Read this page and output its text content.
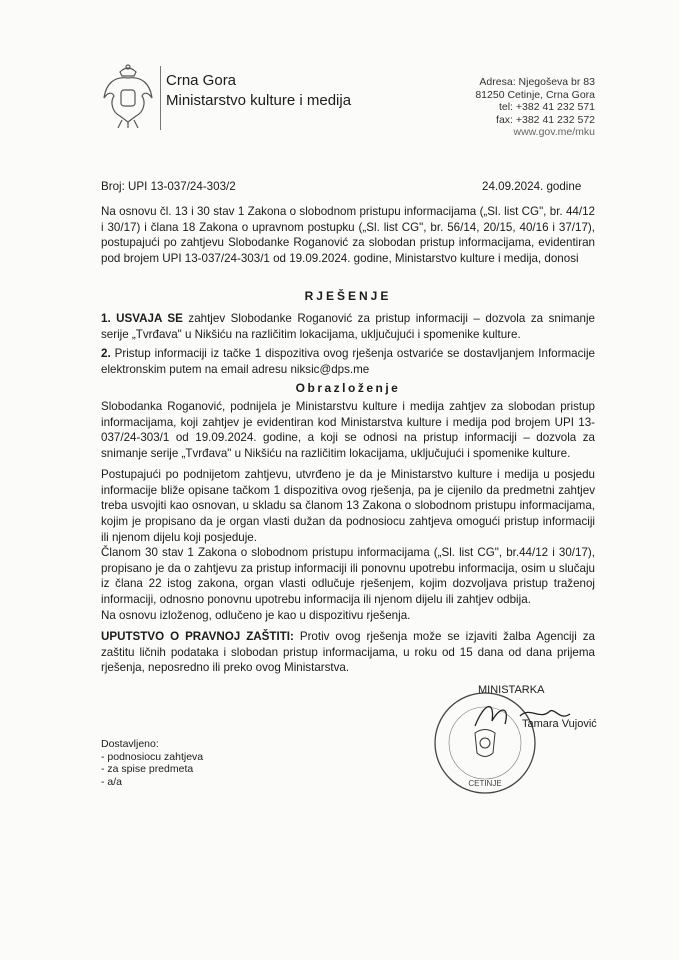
Crna Gora
Ministarstvo kulture i medija
Adresa: Njegoševa br 83
81250 Cetinje, Crna Gora
tel: +382 41 232 571
fax: +382 41 232 572
www.gov.me/mku
Broj: UPI 13-037/24-303/2	24.09.2024. godine
Na osnovu čl. 13 i 30 stav 1 Zakona o slobodnom pristupu informacijama („Sl. list CG", br. 44/12 i 30/17) i člana 18 Zakona o upravnom postupku („Sl. list CG", br. 56/14, 20/15, 40/16 i 37/17), postupajući po zahtjevu Slobodanke Roganović za slobodan pristup informacijama, evidentiran pod brojem UPI 13-037/24-303/1 od 19.09.2024. godine, Ministarstvo kulture i medija, donosi
RJEŠENJE
1. USVAJA SE zahtjev Slobodanke Roganović za pristup informaciji – dozvola za snimanje serije „Tvrđava" u Nikšiću na različitim lokacijama, uključujući i spomenike kulture.
2. Pristup informaciji iz tačke 1 dispozitiva ovog rješenja ostvariće se dostavljanjem Informacije elektronskim putem na email adresu niksic@dps.me
Obrazloženje
Slobodanka Roganović, podnijela je Ministarstvu kulture i medija zahtjev za slobodan pristup informacijama, koji zahtjev je evidentiran kod Ministarstva kulture i medija pod brojem UPI 13-037/24-303/1 od 19.09.2024. godine, a koji se odnosi na pristup informaciji – dozvola za snimanje serije „Tvrđava" u Nikšiću na različitim lokacijama, uključujući i spomenike kulture.
Postupajući po podnijetom zahtjevu, utvrđeno je da je Ministarstvo kulture i medija u posjedu informacije bliže opisane tačkom 1 dispozitiva ovog rješenja, pa je cijenilo da predmetni zahtjev treba usvojiti kao osnovan, u skladu sa članom 13 Zakona o slobodnom pristupu informacijama, kojim je propisano da je organ vlasti dužan da podnosiocu zahtjeva omogući pristup informaciji ili njenom dijelu koji posjeduje.
Članom 30 stav 1 Zakona o slobodnom pristupu informacijama („Sl. list CG", br.44/12 i 30/17), propisano je da o zahtjevu za pristup informaciji ili ponovnu upotrebu informacija, osim u slučaju iz člana 22 istog zakona, organ vlasti odlučuje rješenjem, kojim dozvoljava pristup traženoj informaciji, odnosno ponovnu upotrebu informacija ili njenom dijelu ili zahtjev odbija.
Na osnovu izloženog, odlučeno je kao u dispozitivu rješenja.
UPUTSTVO O PRAVNOJ ZAŠTITI: Protiv ovog rješenja može se izjaviti žalba Agenciji za zaštitu ličnih podataka i slobodan pristup informacijama, u roku od 15 dana od dana prijema rješenja, neposredno ili preko ovog Ministarstva.
CETINJE
MINISTARKA
Tamara Vujović
Dostavljeno:
- podnosiocu zahtjeva
- za spise predmeta
- a/a
